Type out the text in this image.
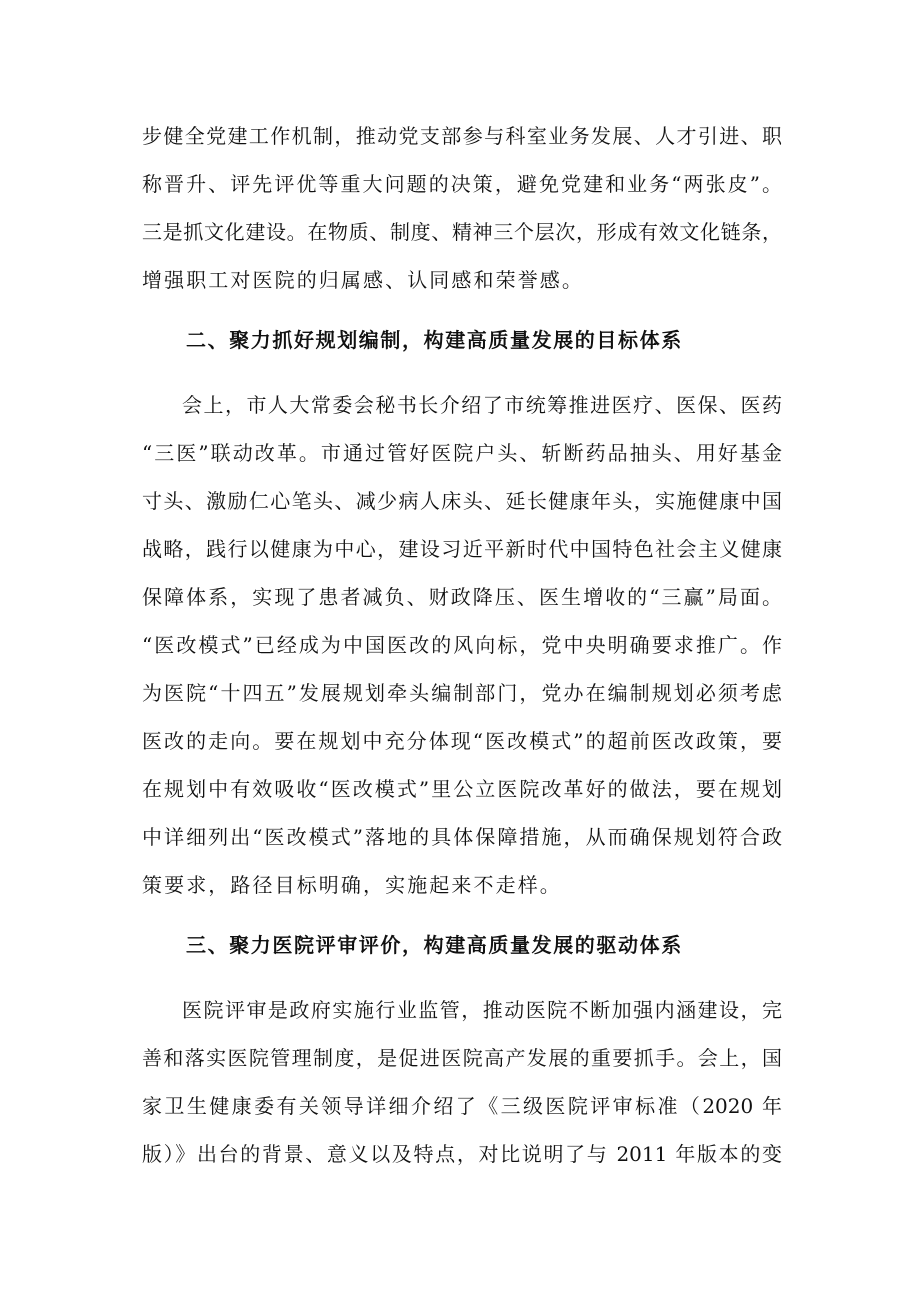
步健全党建工作机制，推动党支部参与科室业务发展、人才引进、职

称晋升、评先评优等重大问题的决策，避免党建和业务“两张皮”。

三是抓文化建设。在物质、制度、精神三个层次，形成有效文化链条，

增强职工对医院的归属感、认同感和荣誉感。

二、聚力抓好规划编制，构建高质量发展的目标体系

会上，市人大常委会秘书长介绍了市统筹推进医疗、医保、医药

“三医”联动改革。市通过管好医院户头、斩断药品抽头、用好基金

寸头、激励仁心笔头、减少病人床头、延长健康年头，实施健康中国

战略，践行以健康为中心，建设习近平新时代中国特色社会主义健康

保障体系，实现了患者减负、财政降压、医生增收的“三赢”局面。

“医改模式”已经成为中国医改的风向标，党中央明确要求推广。作

为医院“十四五”发展规划牵头编制部门，党办在编制规划必须考虑

医改的走向。要在规划中充分体现“医改模式”的超前医改政策，要

在规划中有效吸收“医改模式”里公立医院改革好的做法，要在规划

中详细列出“医改模式”落地的具体保障措施，从而确保规划符合政

策要求，路径目标明确，实施起来不走样。

三、聚力医院评审评价，构建高质量发展的驱动体系

医院评审是政府实施行业监管，推动医院不断加强内涵建设，完

善和落实医院管理制度，是促进医院高产发展的重要抓手。会上，国

家卫生健康委有关领导详细介绍了《三级医院评审标准（2020 年

版）》出台的背景、意义以及特点，对比说明了与 2011 年版本的变
